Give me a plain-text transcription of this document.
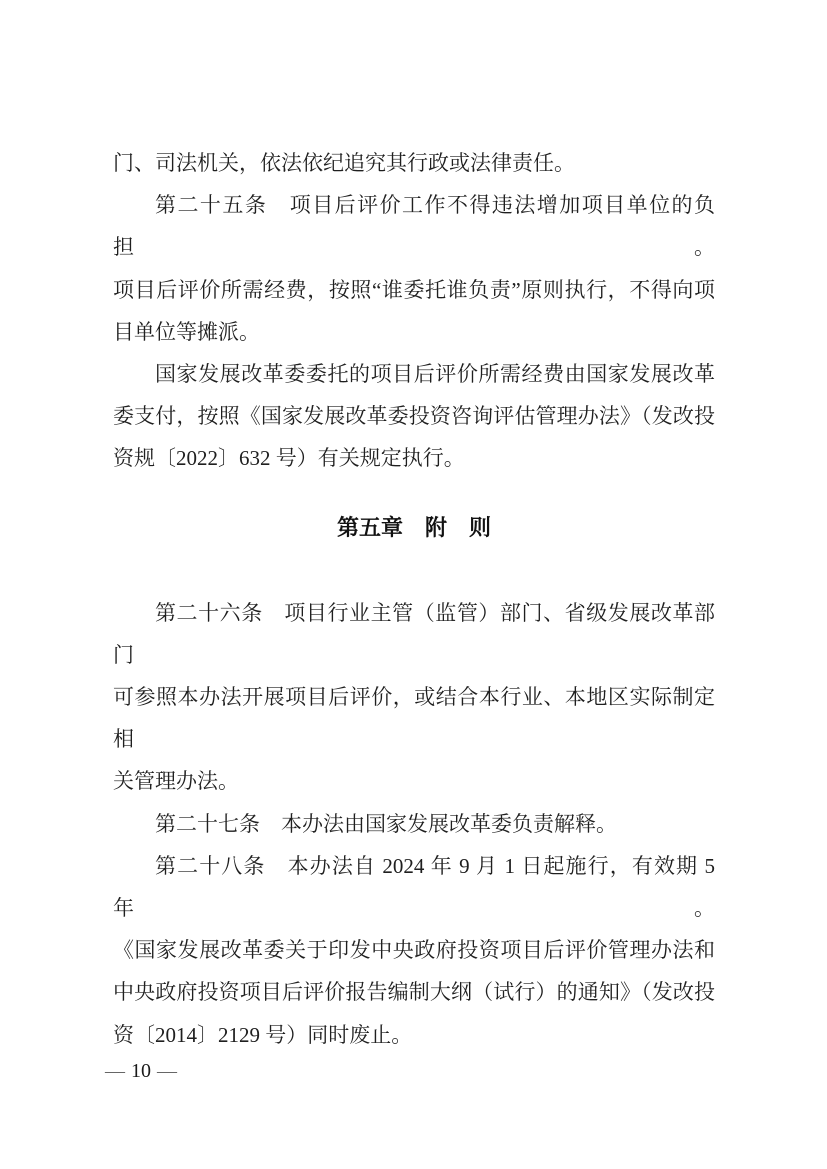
门、司法机关，依法依纪追究其行政或法律责任。
第二十五条　项目后评价工作不得违法增加项目单位的负担。
项目后评价所需经费，按照“谁委托谁负责”原则执行，不得向项
目单位等摊派。
国家发展改革委委托的项目后评价所需经费由国家发展改革
委支付，按照《国家发展改革委投资咨询评估管理办法》（发改投
资规〔2022〕632 号）有关规定执行。
第五章　附　则
第二十六条　项目行业主管（监管）部门、省级发展改革部门
可参照本办法开展项目后评价，或结合本行业、本地区实际制定相
关管理办法。
第二十七条　本办法由国家发展改革委负责解释。
第二十八条　本办法自 2024 年 9 月 1 日起施行，有效期 5 年。
《国家发展改革委关于印发中央政府投资项目后评价管理办法和
中央政府投资项目后评价报告编制大纲（试行）的通知》（发改投
资〔2014〕2129 号）同时废止。
— 10 —
